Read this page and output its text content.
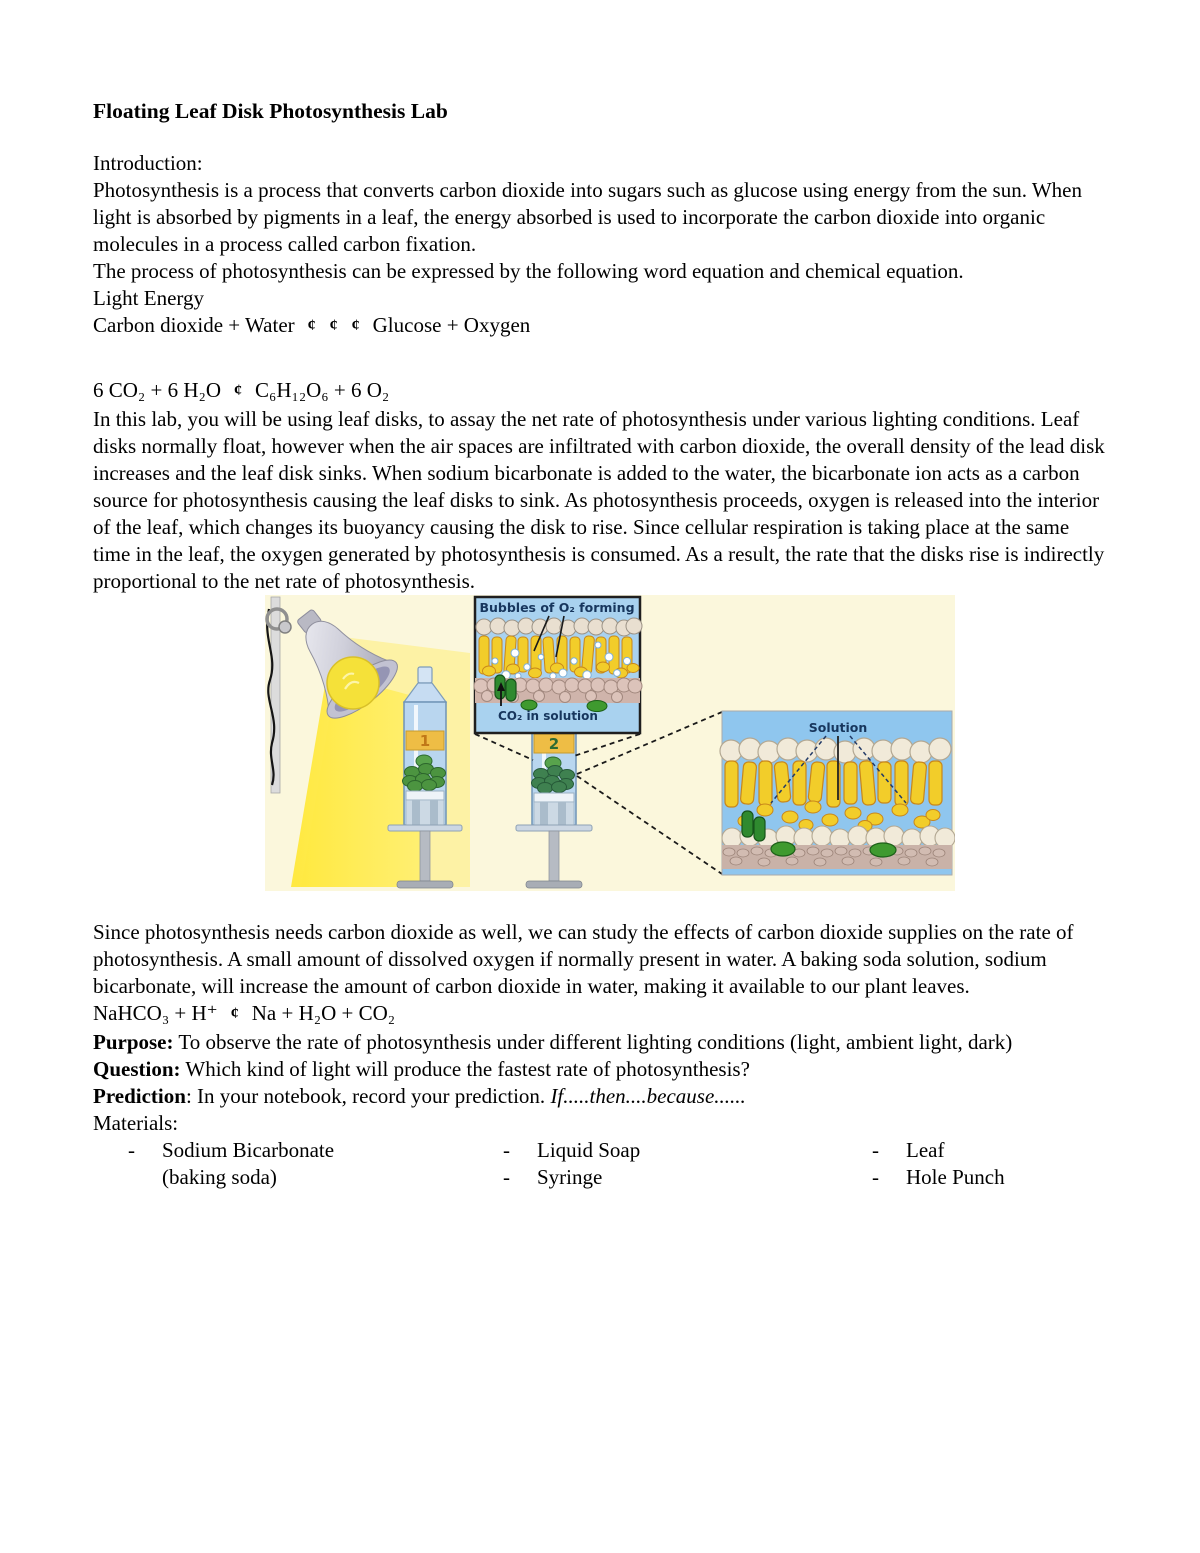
Floating Leaf Disk Photosynthesis Lab

Introduction:

Photosynthesis is a process that converts carbon dioxide into sugars such as glucose using energy from the sun. When light is absorbed by pigments in a leaf, the energy absorbed is used to incorporate the carbon dioxide into organic molecules in a process called carbon fixation.

The process of photosynthesis can be expressed by the following word equation and chemical equation.

Light Energy

Carbon dioxide + Water ¢ ¢ ¢ Glucose + Oxygen

6 CO₂ + 6 H₂O ¢ C₆H₁₂O₆ + 6 O₂

In this lab, you will be using leaf disks, to assay the net rate of photosynthesis under various lighting conditions. Leaf disks normally float, however when the air spaces are infiltrated with carbon dioxide, the overall density of the lead disk increases and the leaf disk sinks. When sodium bicarbonate is added to the water, the bicarbonate ion acts as a carbon source for photosynthesis causing the leaf disks to sink. As photosynthesis proceeds, oxygen is released into the interior of the leaf, which changes its buoyancy causing the disk to rise. Since cellular respiration is taking place at the same time in the leaf, the oxygen generated by photosynthesis is consumed. As a result, the rate that the disks rise is indirectly proportional to the net rate of photosynthesis.

1	2
Bubbles of O₂ forming
CO₂ in solution
Solution

Since photosynthesis needs carbon dioxide as well, we can study the effects of carbon dioxide supplies on the rate of photosynthesis. A small amount of dissolved oxygen if normally present in water. A baking soda solution, sodium bicarbonate, will increase the amount of carbon dioxide in water, making it available to our plant leaves.

NaHCO₃ + H⁺ ¢ Na + H₂O + CO₂

Purpose: To observe the rate of photosynthesis under different lighting conditions (light, ambient light, dark)

Question: Which kind of light will produce the fastest rate of photosynthesis?

Prediction: In your notebook, record your prediction. If.....then....because......

Materials:

-	Sodium Bicarbonate
(baking soda)
-	Liquid Soap
-	Syringe
-	Leaf
-	Hole Punch
